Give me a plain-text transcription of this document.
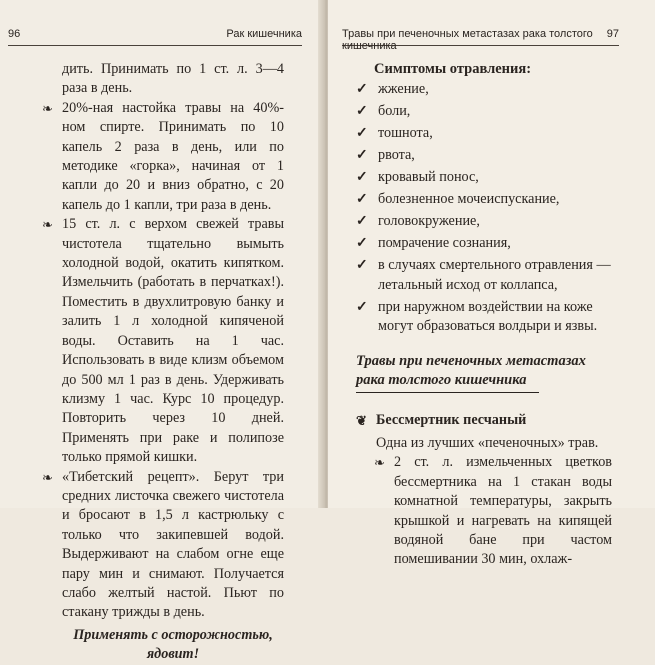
96	Рак кишечника	Травы при печеночных метастазах рака толстого кишечника
97

дить. Принимать по 1 ст. л. 3—4 раза в день.

❧ 20%-ная настойка травы на 40%-ном спирте. Принимать по 10 капель 2 раза в день, или по методике «горка», начиная от 1 капли до 20 и вниз обратно, с 20 капель до 1 капли, три раза в день.

❧ 15 ст. л. с верхом свежей травы чистотела тщательно вымыть холодной водой, окатить кипятком. Измельчить (работать в перчатках!). Поместить в двухлитровую банку и залить 1 л холодной кипяченой воды. Оставить на 1 час. Использовать в виде клизм объемом до 500 мл 1 раз в день. Удерживать клизму 1 час. Курс 10 процедур. Повторить через 10 дней. Применять при раке и полипозе только прямой кишки.

❧ «Тибетский рецепт». Берут три средних листочка свежего чистотела и бросают в 1,5 л кастрюльку с только что закипевшей водой. Выдерживают на слабом огне еще пару мин и снимают. Получается слабо желтый настой. Пьют по стакану трижды в день.

Применять с осторожностью,
ядовит!
Симптомы отравления:
✓ жжение,

✓ боли,

✓ тошнота,

✓ рвота,

✓ кровавый понос,

✓ болезненное мочеиспускание,

✓ головокружение,

✓ помрачение сознания,

✓ в случаях смертельного отравления — летальный исход от коллапса,

✓ при наружном воздействии на коже могут образоваться волдыри и язвы.

Травы при печеночных метастазах
рака толстого кишечника
❦ Бессмертник песчаный

Одна из лучших «печеночных» трав.

❧ 2 ст. л. измельченных цветков бессмертника на 1 стакан воды комнатной температуры, закрыть крышкой и нагревать на кипящей водяной бане при частом помешивании 30 мин, охлаж-
